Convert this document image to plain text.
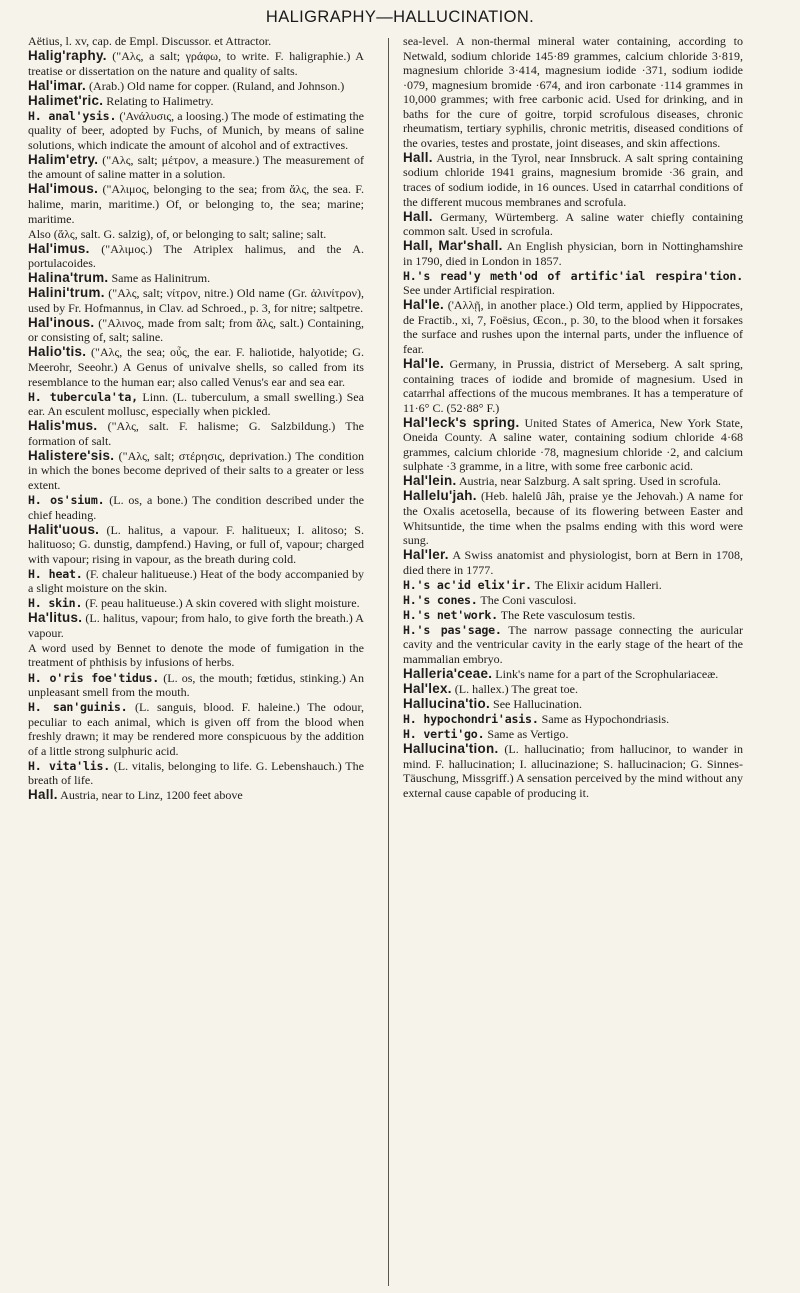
HALIGRAPHY—HALLUCINATION.
Aëtius, l. xv, cap. de Empl. Discussor. et Attractor.
Halig'raphy. ("Αλς, a salt; γράφω, to write. F. haligraphie.) A treatise or dissertation on the nature and quality of salts.
Hal'imar. (Arab.) Old name for copper. (Ruland, and Johnson.)
Halimet'ric. Relating to Halimetry.
H. anal'ysis. ('Ανάλυσις, a loosing.) The mode of estimating the quality of beer, adopted by Fuchs, of Munich, by means of saline solutions, which indicate the amount of alcohol and of extractives.
Halim'etry. ("Αλς, salt; μέτρον, a measure.) The measurement of the amount of saline matter in a solution.
Hal'imous. ("Αλιμος, belonging to the sea; from ἅλς, the sea. F. halime, marin, maritime.) Of, or belonging to, the sea; marine; maritime.
Also (ἅλς, salt. G. salzig), of, or belonging to salt; saline; salt.
Hal'imus. ("Αλιμος.) The Atriplex halimus, and the A. portulacoides.
Halina'trum. Same as Halinitrum.
Halini'trum. ("Αλς, salt; νίτρον, nitre.) Old name (Gr. ἁλινίτρον), used by Fr. Hofmannus, in Clav. ad Schroed., p. 3, for nitre; saltpetre.
Hal'inous. ("Αλινος, made from salt; from ἅλς, salt.) Containing, or consisting of, salt; saline.
Halio'tis. ("Αλς, the sea; οὖς, the ear. F. haliotide, halyotide; G. Meerohr, Seeohr.) A Genus of univalve shells, so called from its resemblance to the human ear; also called Venus's ear and sea ear.
H. tubercula'ta, Linn. (L. tuberculum, a small swelling.) Sea ear. An esculent mollusc, especially when pickled.
Halis'mus. ("Αλς, salt. F. halisme; G. Salzbildung.) The formation of salt.
Halistere'sis. ("Αλς, salt; στέρησις, deprivation.) The condition in which the bones become deprived of their salts to a greater or less extent.
H. os'sium. (L. os, a bone.) The condition described under the chief heading.
Halit'uous. (L. halitus, a vapour. F. halitueux; I. alitoso; S. halituoso; G. dunstig, dampfend.) Having, or full of, vapour; charged with vapour; rising in vapour, as the breath during cold.
H. heat. (F. chaleur halitueuse.) Heat of the body accompanied by a slight moisture on the skin.
H. skin. (F. peau halitueuse.) A skin covered with slight moisture.
Ha'litus. (L. halitus, vapour; from halo, to give forth the breath.) A vapour.
A word used by Bennet to denote the mode of fumigation in the treatment of phthisis by infusions of herbs.
H. o'ris foe'tidus. (L. os, the mouth; fœtidus, stinking.) An unpleasant smell from the mouth.
H. san'guinis. (L. sanguis, blood. F. haleine.) The odour, peculiar to each animal, which is given off from the blood when freshly drawn; it may be rendered more conspicuous by the addition of a little strong sulphuric acid.
H. vita'lis. (L. vitalis, belonging to life. G. Lebenshauch.) The breath of life.
Hall. Austria, near to Linz, 1200 feet above
sea-level. A non-thermal mineral water containing, according to Netwald, sodium chloride 145·89 grammes, calcium chloride 3·819, magnesium chloride 3·414, magnesium iodide ·371, sodium iodide ·079, magnesium bromide ·674, and iron carbonate ·114 grammes in 10,000 grammes; with free carbonic acid. Used for drinking, and in baths for the cure of goitre, torpid scrofulous diseases, chronic rheumatism, tertiary syphilis, chronic metritis, diseased conditions of the ovaries, testes and prostate, joint diseases, and skin affections.
Hall. Austria, in the Tyrol, near Innsbruck. A salt spring containing sodium chloride 1941 grains, magnesium bromide ·36 grain, and traces of sodium iodide, in 16 ounces. Used in catarrhal conditions of the different mucous membranes and scrofula.
Hall. Germany, Würtemberg. A saline water chiefly containing common salt. Used in scrofula.
Hall, Mar'shall. An English physician, born in Nottinghamshire in 1790, died in London in 1857.
H.'s read'y meth'od of artific'ial respira'tion. See under Artificial respiration.
Hal'le. ('Αλλῇ, in another place.) Old term, applied by Hippocrates, de Fractib., xi, 7, Foësius, Œcon., p. 30, to the blood when it forsakes the surface and rushes upon the internal parts, under the influence of fear.
Hal'le. Germany, in Prussia, district of Merseberg. A salt spring, containing traces of iodide and bromide of magnesium. Used in catarrhal affections of the mucous membranes. It has a temperature of 11·6° C. (52·88° F.)
Hal'leck's spring. United States of America, New York State, Oneida County. A saline water, containing sodium chloride 4·68 grammes, calcium chloride ·78, magnesium chloride ·2, and calcium sulphate ·3 gramme, in a litre, with some free carbonic acid.
Hal'lein. Austria, near Salzburg. A salt spring. Used in scrofula.
Hallelu'jah. (Heb. halelû Jâh, praise ye the Jehovah.) A name for the Oxalis acetosella, because of its flowering between Easter and Whitsuntide, the time when the psalms ending with this word were sung.
Hal'ler. A Swiss anatomist and physiologist, born at Bern in 1708, died there in 1777.
H.'s ac'id elix'ir. The Elixir acidum Halleri.
H.'s cones. The Coni vasculosi.
H.'s net'work. The Rete vasculosum testis.
H.'s pas'sage. The narrow passage connecting the auricular cavity and the ventricular cavity in the early stage of the heart of the mammalian embryo.
Halleria'ceae. Link's name for a part of the Scrophulariaceæ.
Hal'lex. (L. hallex.) The great toe.
Hallucina'tio. See Hallucination.
H. hypochondri'asis. Same as Hypochondriasis.
H. verti'go. Same as Vertigo.
Hallucina'tion. (L. hallucinatio; from hallucinor, to wander in mind. F. hallucination; I. allucinazione; S. hallucinacion; G. Sinnes-Täuschung, Missgriff.) A sensation perceived by the mind without any external cause capable of producing it.
